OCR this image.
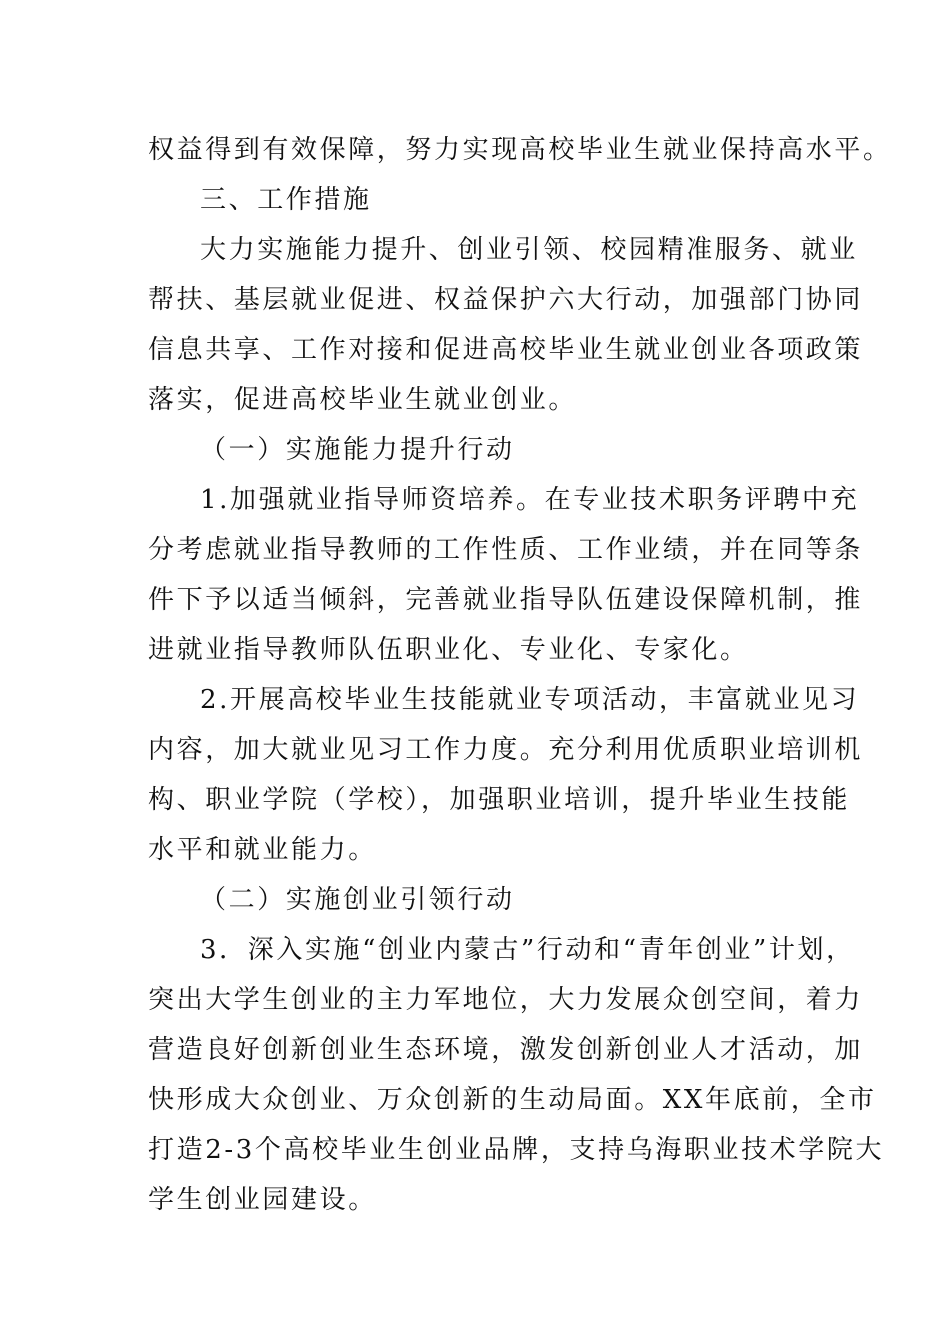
权益得到有效保障，努力实现高校毕业生就业保持高水平。
三、工作措施
大力实施能力提升、创业引领、校园精准服务、就业
帮扶、基层就业促进、权益保护六大行动，加强部门协同
信息共享、工作对接和促进高校毕业生就业创业各项政策
落实，促进高校毕业生就业创业。
（一）实施能力提升行动
1.加强就业指导师资培养。在专业技术职务评聘中充
分考虑就业指导教师的工作性质、工作业绩，并在同等条
件下予以适当倾斜，完善就业指导队伍建设保障机制，推
进就业指导教师队伍职业化、专业化、专家化。
2.开展高校毕业生技能就业专项活动，丰富就业见习
内容，加大就业见习工作力度。充分利用优质职业培训机
构、职业学院（学校），加强职业培训，提升毕业生技能
水平和就业能力。
（二）实施创业引领行动
3．深入实施“创业内蒙古”行动和“青年创业”计划，
突出大学生创业的主力军地位，大力发展众创空间，着力
营造良好创新创业生态环境，激发创新创业人才活动，加
快形成大众创业、万众创新的生动局面。XX年底前，全市
打造2-3个高校毕业生创业品牌，支持乌海职业技术学院大
学生创业园建设。
